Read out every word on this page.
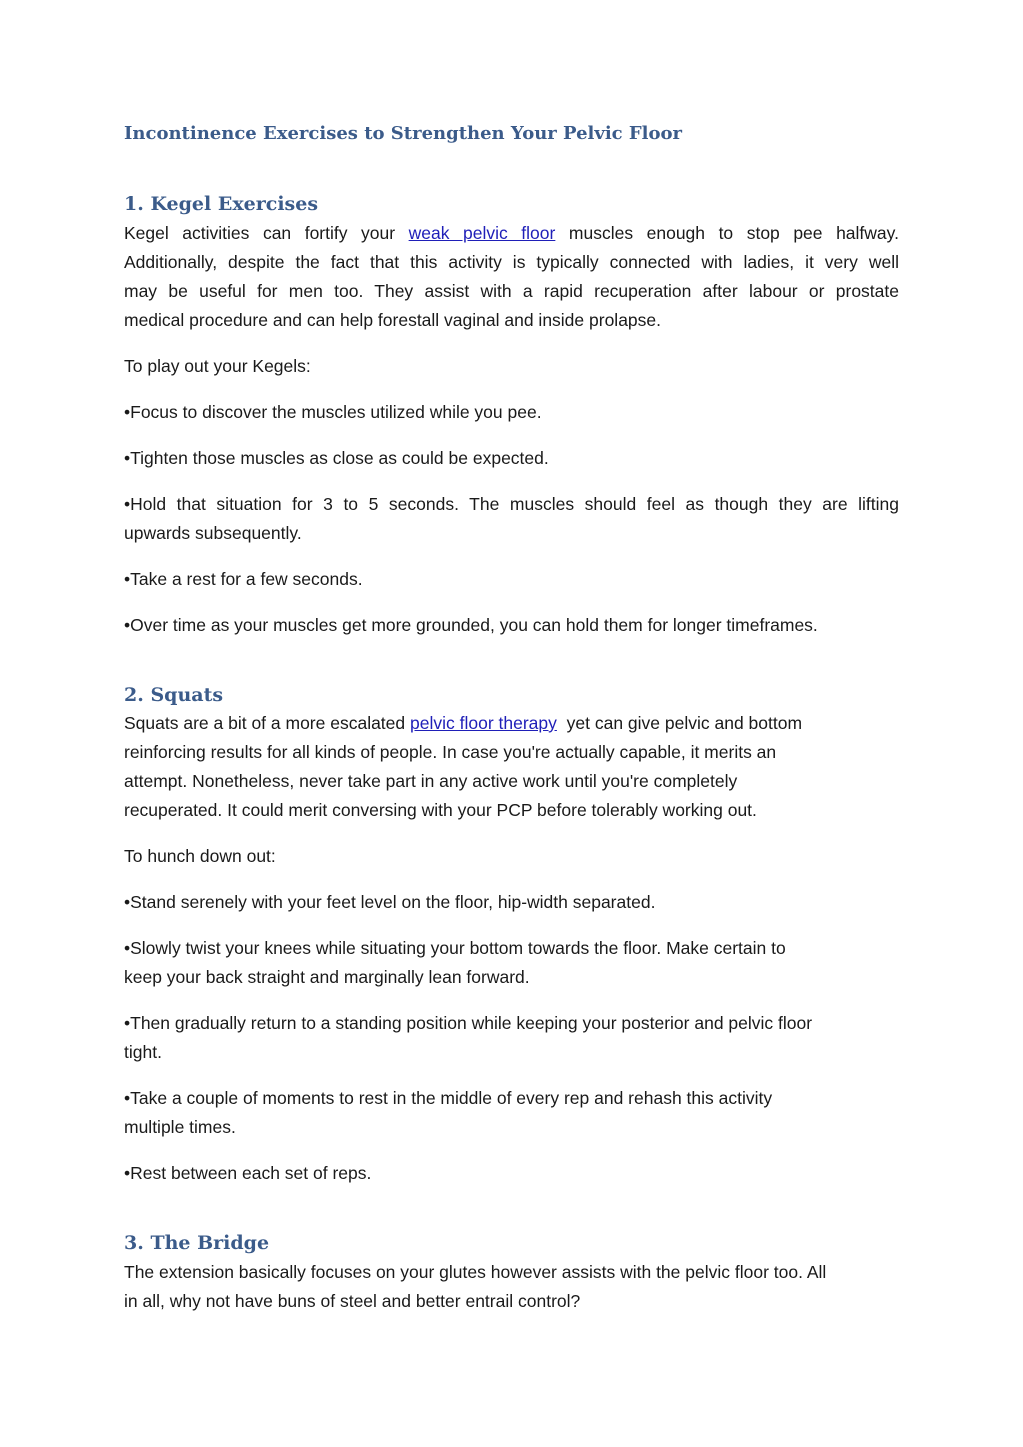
Incontinence Exercises to Strengthen Your Pelvic Floor
1. Kegel Exercises
Kegel activities can fortify your weak pelvic floor muscles enough to stop pee halfway.
Additionally, despite the fact that this activity is typically connected with ladies, it very well
may be useful for men too. They assist with a rapid recuperation after labour or prostate
medical procedure and can help forestall vaginal and inside prolapse.

To play out your Kegels:

•Focus to discover the muscles utilized while you pee.

•Tighten those muscles as close as could be expected.

•Hold that situation for 3 to 5 seconds. The muscles should feel as though they are lifting
upwards subsequently.

•Take a rest for a few seconds.

•Over time as your muscles get more grounded, you can hold them for longer timeframes.

2. Squats
Squats are a bit of a more escalated pelvic floor therapy yet can give pelvic and bottom
reinforcing results for all kinds of people. In case you're actually capable, it merits an
attempt. Nonetheless, never take part in any active work until you're completely
recuperated. It could merit conversing with your PCP before tolerably working out.

To hunch down out:

•Stand serenely with your feet level on the floor, hip-width separated.

•Slowly twist your knees while situating your bottom towards the floor. Make certain to
keep your back straight and marginally lean forward.
•Then gradually return to a standing position while keeping your posterior and pelvic floor
tight.
•Take a couple of moments to rest in the middle of every rep and rehash this activity
multiple times.

•Rest between each set of reps.

3. The Bridge
The extension basically focuses on your glutes however assists with the pelvic floor too. All
in all, why not have buns of steel and better entrail control?
